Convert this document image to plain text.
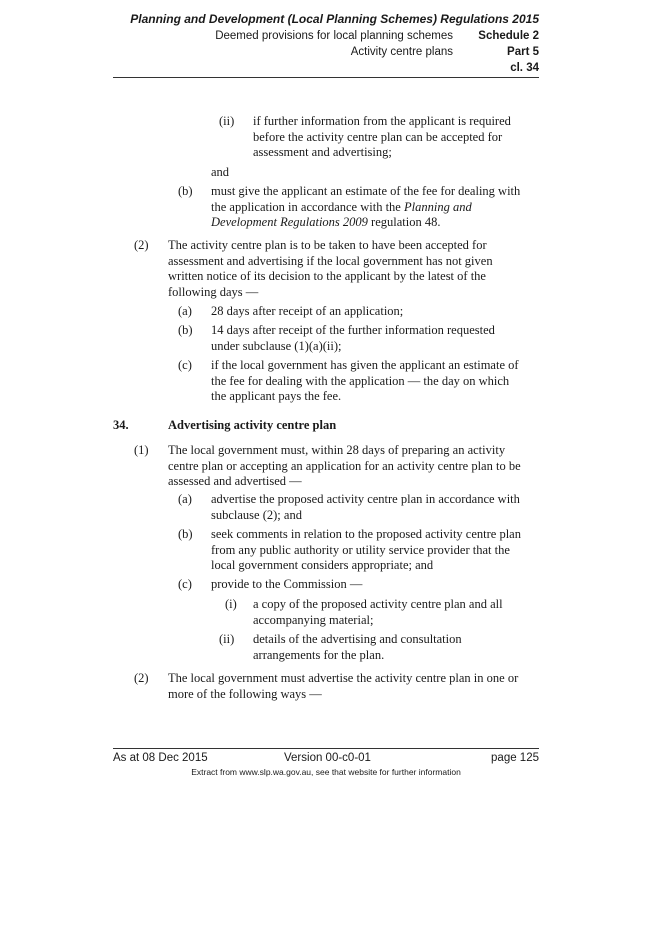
Planning and Development (Local Planning Schemes) Regulations 2015
Deemed provisions for local planning schemes	Schedule 2
Activity centre plans	Part 5
cl. 34
(ii) if further information from the applicant is required
before the activity centre plan can be accepted for
assessment and advertising;
and
(b) must give the applicant an estimate of the fee for dealing with
the application in accordance with the Planning and
Development Regulations 2009 regulation 48.
(2) The activity centre plan is to be taken to have been accepted for
assessment and advertising if the local government has not given
written notice of its decision to the applicant by the latest of the
following days —
(a) 28 days after receipt of an application;
(b) 14 days after receipt of the further information requested
under subclause (1)(a)(ii);
(c) if the local government has given the applicant an estimate of
the fee for dealing with the application — the day on which
the applicant pays the fee.
34.	Advertising activity centre plan
(1) The local government must, within 28 days of preparing an activity
centre plan or accepting an application for an activity centre plan to be
assessed and advertised —
(a) advertise the proposed activity centre plan in accordance with
subclause (2); and
(b) seek comments in relation to the proposed activity centre plan
from any public authority or utility service provider that the
local government considers appropriate; and
(c) provide to the Commission —
(i) a copy of the proposed activity centre plan and all
accompanying material;
(ii) details of the advertising and consultation
arrangements for the plan.
(2) The local government must advertise the activity centre plan in one or
more of the following ways —
As at 08 Dec 2015	Version 00-c0-01	page 125
Extract from www.slp.wa.gov.au, see that website for further information
